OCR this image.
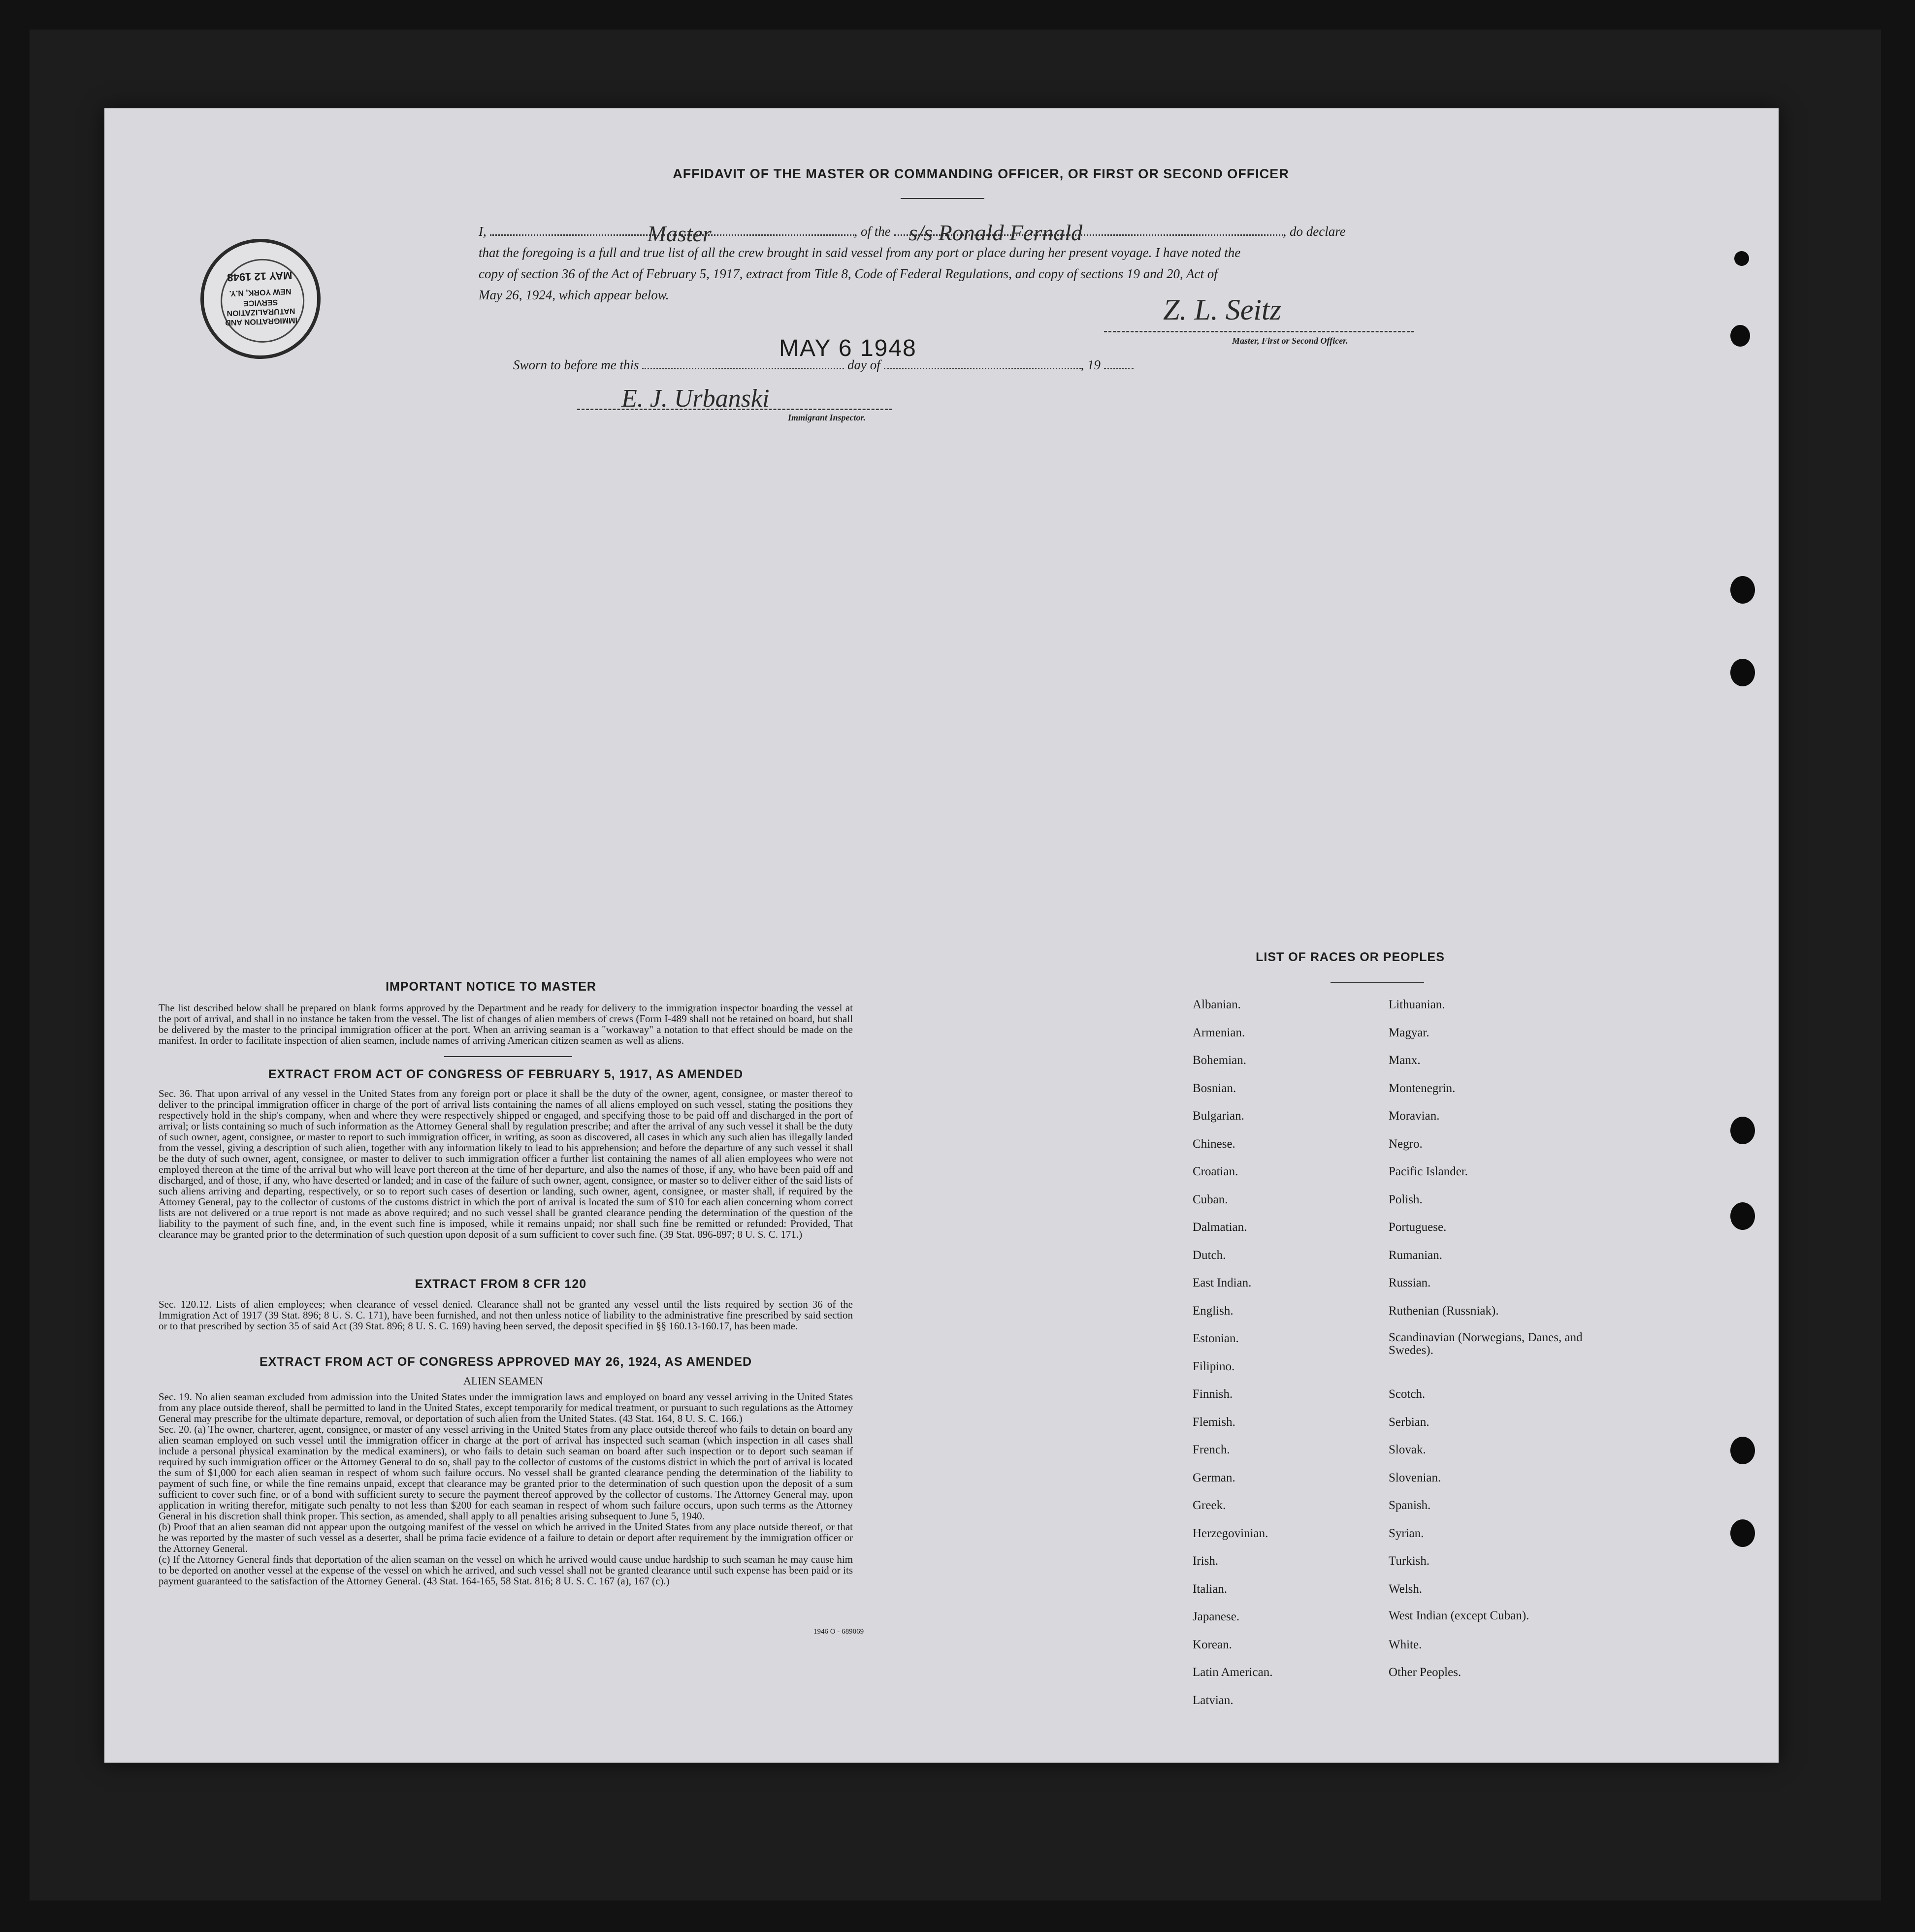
IMMIGRATION AND NATURALIZATION SERVICE
NEW YORK, N.Y.
MAY 12 1948
AFFIDAVIT OF THE MASTER OR COMMANDING OFFICER, OR FIRST OR SECOND OFFICER
I,	Master	, of the s/s Ronald Fernald	, do declare
that the foregoing is a full and true list of all the crew brought in said vessel from any port or place during her present voyage. I have noted the
copy of section 36 of the Act of February 5, 1917, extract from Title 8, Code of Federal Regulations, and copy of sections 19 and 20, Act of
May 26, 1924, which appear below.	Z. L. Seitz
Master, First or Second Officer.
MAY 6 1948
Sworn to before me this	day of	, 19
E. J. Urbanski
Immigrant Inspector.
IMPORTANT NOTICE TO MASTER
The list described below shall be prepared on blank forms approved by the Department and be ready for delivery to the immigration inspector boarding the vessel at the port of arrival, and shall in no instance be taken from the vessel. The list of changes of alien members of crews (Form I-489 shall not be retained on board, but shall be delivered by the master to the principal immigration officer at the port. When an arriving seaman is a "workaway" a notation to that effect should be made on the manifest. In order to facilitate inspection of alien seamen, include names of arriving American citizen seamen as well as aliens.
EXTRACT FROM ACT OF CONGRESS OF FEBRUARY 5, 1917, AS AMENDED
Sec. 36. That upon arrival of any vessel in the United States from any foreign port or place it shall be the duty of the owner, agent, consignee, or master thereof to deliver to the principal immigration officer in charge of the port of arrival lists containing the names of all aliens employed on such vessel, stating the positions they respectively hold in the ship's company, when and where they were respectively shipped or engaged, and specifying those to be paid off and discharged in the port of arrival; or lists containing so much of such information as the Attorney General shall by regulation prescribe; and after the arrival of any such vessel it shall be the duty of such owner, agent, consignee, or master to report to such immigration officer, in writing, as soon as discovered, all cases in which any such alien has illegally landed from the vessel, giving a description of such alien, together with any information likely to lead to his apprehension; and before the departure of any such vessel it shall be the duty of such owner, agent, consignee, or master to deliver to such immigration officer a further list containing the names of all alien employees who were not employed thereon at the time of the arrival but who will leave port thereon at the time of her departure, and also the names of those, if any, who have been paid off and discharged, and of those, if any, who have deserted or landed; and in case of the failure of such owner, agent, consignee, or master so to deliver either of the said lists of such aliens arriving and departing, respectively, or so to report such cases of desertion or landing, such owner, agent, consignee, or master shall, if required by the Attorney General, pay to the collector of customs of the customs district in which the port of arrival is located the sum of $10 for each alien concerning whom correct lists are not delivered or a true report is not made as above required; and no such vessel shall be granted clearance pending the determination of the question of the liability to the payment of such fine, and, in the event such fine is imposed, while it remains unpaid; nor shall such fine be remitted or refunded: Provided, That clearance may be granted prior to the determination of such question upon deposit of a sum sufficient to cover such fine. (39 Stat. 896-897; 8 U. S. C. 171.)
EXTRACT FROM 8 CFR 120
Sec. 120.12. Lists of alien employees; when clearance of vessel denied. Clearance shall not be granted any vessel until the lists required by section 36 of the Immigration Act of 1917 (39 Stat. 896; 8 U. S. C. 171), have been furnished, and not then unless notice of liability to the administrative fine prescribed by said section or to that prescribed by section 35 of said Act (39 Stat. 896; 8 U. S. C. 169) having been served, the deposit specified in §§ 160.13-160.17, has been made.
EXTRACT FROM ACT OF CONGRESS APPROVED MAY 26, 1924, AS AMENDED
ALIEN SEAMEN
Sec. 19. No alien seaman excluded from admission into the United States under the immigration laws and employed on board any vessel arriving in the United States from any place outside thereof, shall be permitted to land in the United States, except temporarily for medical treatment, or pursuant to such regulations as the Attorney General may prescribe for the ultimate departure, removal, or deportation of such alien from the United States. (43 Stat. 164, 8 U. S. C. 166.)
Sec. 20. (a) The owner, charterer, agent, consignee, or master of any vessel arriving in the United States from any place outside thereof who fails to detain on board any alien seaman employed on such vessel until the immigration officer in charge at the port of arrival has inspected such seaman (which inspection in all cases shall include a personal physical examination by the medical examiners), or who fails to detain such seaman on board after such inspection or to deport such seaman if required by such immigration officer or the Attorney General to do so, shall pay to the collector of customs of the customs district in which the port of arrival is located the sum of $1,000 for each alien seaman in respect of whom such failure occurs. No vessel shall be granted clearance pending the determination of the liability to payment of such fine, or while the fine remains unpaid, except that clearance may be granted prior to the determination of such question upon the deposit of a sum sufficient to cover such fine, or of a bond with sufficient surety to secure the payment thereof approved by the collector of customs. The Attorney General may, upon application in writing therefor, mitigate such penalty to not less than $200 for each seaman in respect of whom such failure occurs, upon such terms as the Attorney General in his discretion shall think proper. This section, as amended, shall apply to all penalties arising subsequent to June 5, 1940.
(b) Proof that an alien seaman did not appear upon the outgoing manifest of the vessel on which he arrived in the United States from any place outside thereof, or that he was reported by the master of such vessel as a deserter, shall be prima facie evidence of a failure to detain or deport after requirement by the immigration officer or the Attorney General.
(c) If the Attorney General finds that deportation of the alien seaman on the vessel on which he arrived would cause undue hardship to such seaman he may cause him to be deported on another vessel at the expense of the vessel on which he arrived, and such vessel shall not be granted clearance until such expense has been paid or its payment guaranteed to the satisfaction of the Attorney General. (43 Stat. 164-165, 58 Stat. 816; 8 U. S. C. 167 (a), 167 (c).)
1946 O - 689069
LIST OF RACES OR PEOPLES
Albanian.
Armenian.
Bohemian.
Bosnian.
Bulgarian.
Chinese.
Croatian.
Cuban.
Dalmatian.
Dutch.
East Indian.
English.
Estonian.
Filipino.
Finnish.
Flemish.
French.
German.
Greek.
Herzegovinian.
Irish.
Italian.
Japanese.
Korean.
Latin American.
Latvian.
Lithuanian.
Magyar.
Manx.
Montenegrin.
Moravian.
Negro.
Pacific Islander.
Polish.
Portuguese.
Rumanian.
Russian.
Ruthenian (Russniak).
Scandinavian (Norwegians, Danes, and Swedes).
Scotch.
Serbian.
Slovak.
Slovenian.
Spanish.
Syrian.
Turkish.
Welsh.
West Indian (except Cuban).
White.
Other Peoples.
